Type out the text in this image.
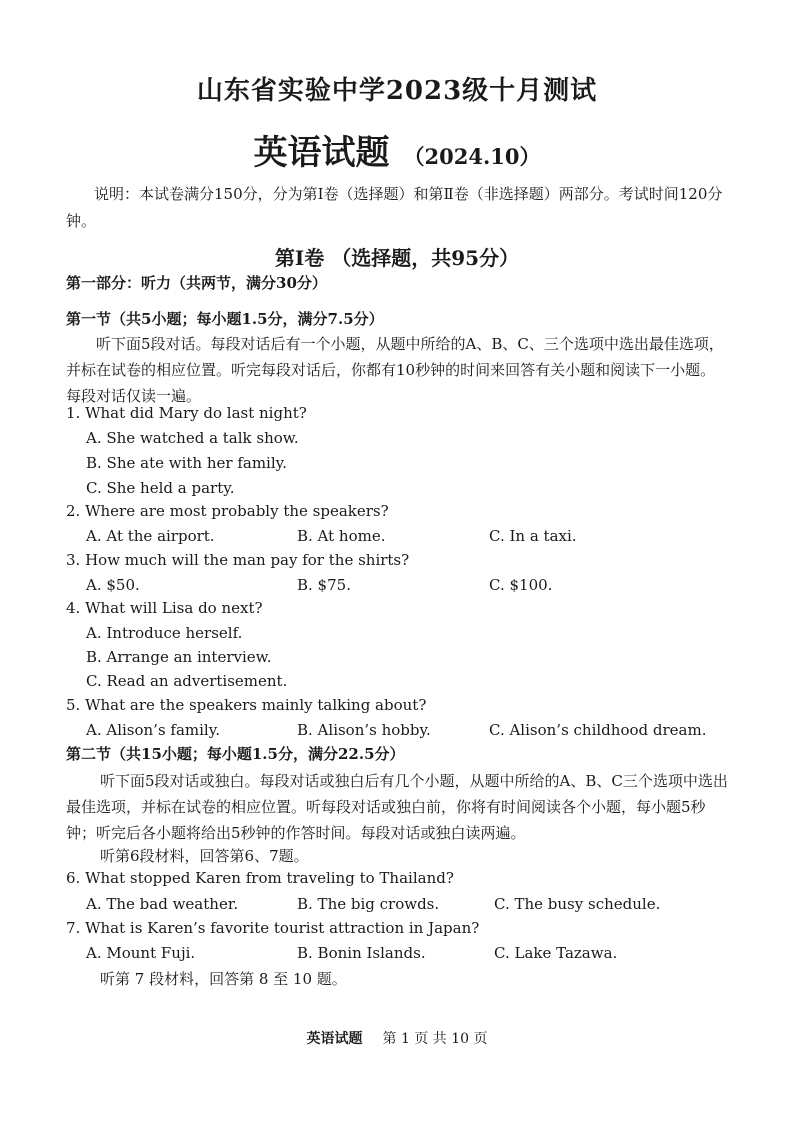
山东省实验中学2023级十月测试
英语试题 （2024.10）
说明：本试卷满分150分，分为第Ⅰ卷（选择题）和第Ⅱ卷（非选择题）两部分。考试时间120分钟。
第Ⅰ卷 （选择题，共95分）
第一部分：听力（共两节，满分30分）
第一节（共5小题；每小题1.5分，满分7.5分）
听下面5段对话。每段对话后有一个小题，从题中所给的A、B、C、三个选项中选出最佳选项，并标在试卷的相应位置。听完每段对话后，你都有10秒钟的时间来回答有关小题和阅读下一小题。每段对话仅读一遍。
1. What did Mary do last night?
A. She watched a talk show.
B. She ate with her family.
C. She held a party.
2. Where are most probably the speakers?
A. At the airport.	B. At home.	C. In a taxi.
3. How much will the man pay for the shirts?
A. $50.	B. $75.	C. $100.
4. What will Lisa do next?
A. Introduce herself.
B. Arrange an interview.
C. Read an advertisement.
5. What are the speakers mainly talking about?
A. Alison’s family.	B. Alison’s hobby.	C. Alison’s childhood dream.
第二节（共15小题；每小题1.5分，满分22.5分）
听下面5段对话或独白。每段对话或独白后有几个小题，从题中所给的A、B、C三个选项中选出最佳选项，并标在试卷的相应位置。听每段对话或独白前，你将有时间阅读各个小题，每小题5秒钟；听完后各小题将给出5秒钟的作答时间。每段对话或独白读两遍。
听第6段材料，回答第6、7题。
6. What stopped Karen from traveling to Thailand?
A. The bad weather.	B. The big crowds.	C. The busy schedule.
7. What is Karen’s favorite tourist attraction in Japan?
A. Mount Fuji.	B. Bonin Islands.	C. Lake Tazawa.
听第 7 段材料，回答第 8 至 10 题。
英语试题 第 1 页 共 10 页
